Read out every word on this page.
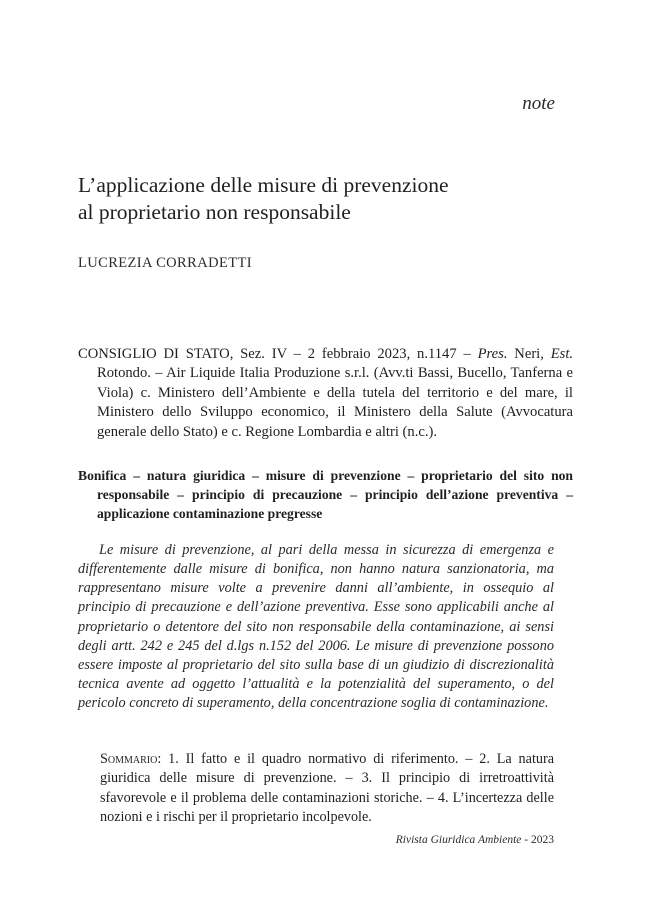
note
L’applicazione delle misure di prevenzione
al proprietario non responsabile
LUCREZIA CORRADETTI

CONSIGLIO DI STATO, Sez. IV – 2 febbraio 2023, n.1147 – Pres. Neri, Est. Rotondo. – Air Liquide Italia Produzione s.r.l. (Avv.ti Bassi, Bucello, Tanferna e Viola) c. Ministero dell’Ambiente e della tutela del territorio e del mare, il Ministero dello Sviluppo economico, il Ministero della Salute (Avvocatura generale dello Stato) e c. Regione Lombardia e altri (n.c.).

Bonifica – natura giuridica – misure di prevenzione – proprietario del sito non responsabile – principio di precauzione – principio dell’azione preventiva – applicazione contaminazione pregresse

Le misure di prevenzione, al pari della messa in sicurezza di emergenza e differentemente dalle misure di bonifica, non hanno natura sanzionatoria, ma rappresentano misure volte a prevenire danni all’ambiente, in ossequio al principio di precauzione e dell’azione preventiva. Esse sono applicabili anche al proprietario o detentore del sito non responsabile della contaminazione, ai sensi degli artt. 242 e 245 del d.lgs n.152 del 2006. Le misure di prevenzione possono essere imposte al proprietario del sito sulla base di un giudizio di discrezionalità tecnica avente ad oggetto l’attualità e la potenzialità del superamento, o del pericolo concreto di superamento, della concentrazione soglia di contaminazione.

Sommario: 1. Il fatto e il quadro normativo di riferimento. – 2. La natura giuridica delle misure di prevenzione. – 3. Il principio di irretroattività sfavorevole e il problema delle contaminazioni storiche. – 4. L’incertezza delle nozioni e i rischi per il proprietario incolpevole.

Rivista Giuridica Ambiente - 2023
